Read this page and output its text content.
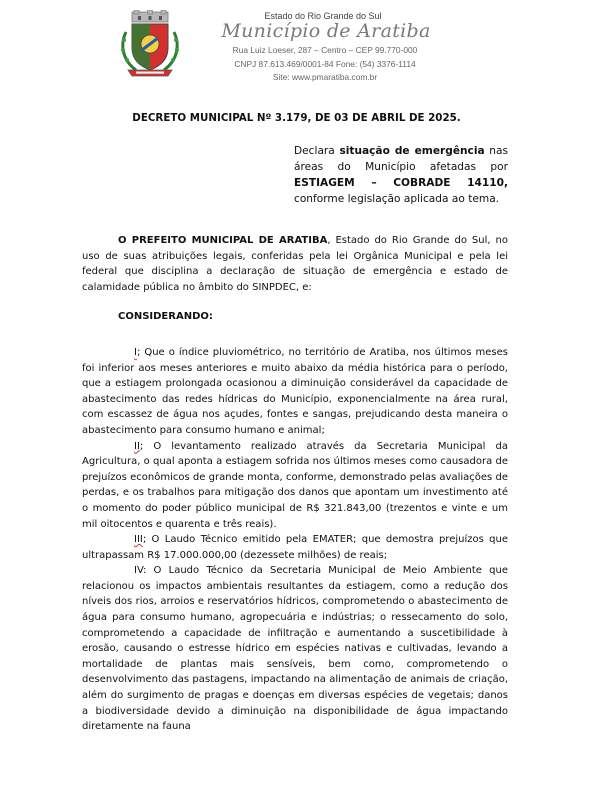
Estado do Rio Grande do Sul
Município de Aratiba
Rua Luiz Loeser, 287 – Centro – CEP 99.770-000
CNPJ 87.613.469/0001-84 Fone: (54) 3376-1114
Site: www.pmaratiba.com.br
DECRETO MUNICIPAL Nº 3.179, DE 03 DE ABRIL DE 2025.
Declara situação de emergência nas áreas do Município afetadas por ESTIAGEM – COBRADE 14110, conforme legislação aplicada ao tema.

O PREFEITO MUNICIPAL DE ARATIBA, Estado do Rio Grande do Sul, no uso de suas atribuições legais, conferidas pela lei Orgânica Municipal e pela lei federal que disciplina a declaração de situação de emergência e estado de calamidade pública no âmbito do SINPDEC, e:

CONSIDERANDO:

I; Que o índice pluviométrico, no território de Aratiba, nos últimos meses foi inferior aos meses anteriores e muito abaixo da média histórica para o período, que a estiagem prolongada ocasionou a diminuição considerável da capacidade de abastecimento das redes hídricas do Município, exponencialmente na área rural, com escassez de água nos açudes, fontes e sangas, prejudicando desta maneira o abastecimento para consumo humano e animal;

II; O levantamento realizado através da Secretaria Municipal da Agricultura, o qual aponta a estiagem sofrida nos últimos meses como causadora de prejuízos econômicos de grande monta, conforme, demonstrado pelas avaliações de perdas, e os trabalhos para mitigação dos danos que apontam um investimento até o momento do poder público municipal de R$ 321.843,00 (trezentos e vinte e um mil oitocentos e quarenta e três reais).

III; O Laudo Técnico emitido pela EMATER; que demostra prejuízos que ultrapassam R$ 17.000.000,00 (dezessete milhões) de reais;

IV: O Laudo Técnico da Secretaria Municipal de Meio Ambiente que relacionou os impactos ambientais resultantes da estiagem, como a redução dos níveis dos rios, arroios e reservatórios hídricos, comprometendo o abastecimento de água para consumo humano, agropecuária e indústrias; o ressecamento do solo, comprometendo a capacidade de infiltração e aumentando a suscetibilidade à erosão, causando o estresse hídrico em espécies nativas e cultivadas, levando a mortalidade de plantas mais sensíveis, bem como, comprometendo o desenvolvimento das pastagens, impactando na alimentação de animais de criação, além do surgimento de pragas e doenças em diversas espécies de vegetais; danos a biodiversidade devido a diminuição na disponibilidade de água impactando diretamente na fauna
